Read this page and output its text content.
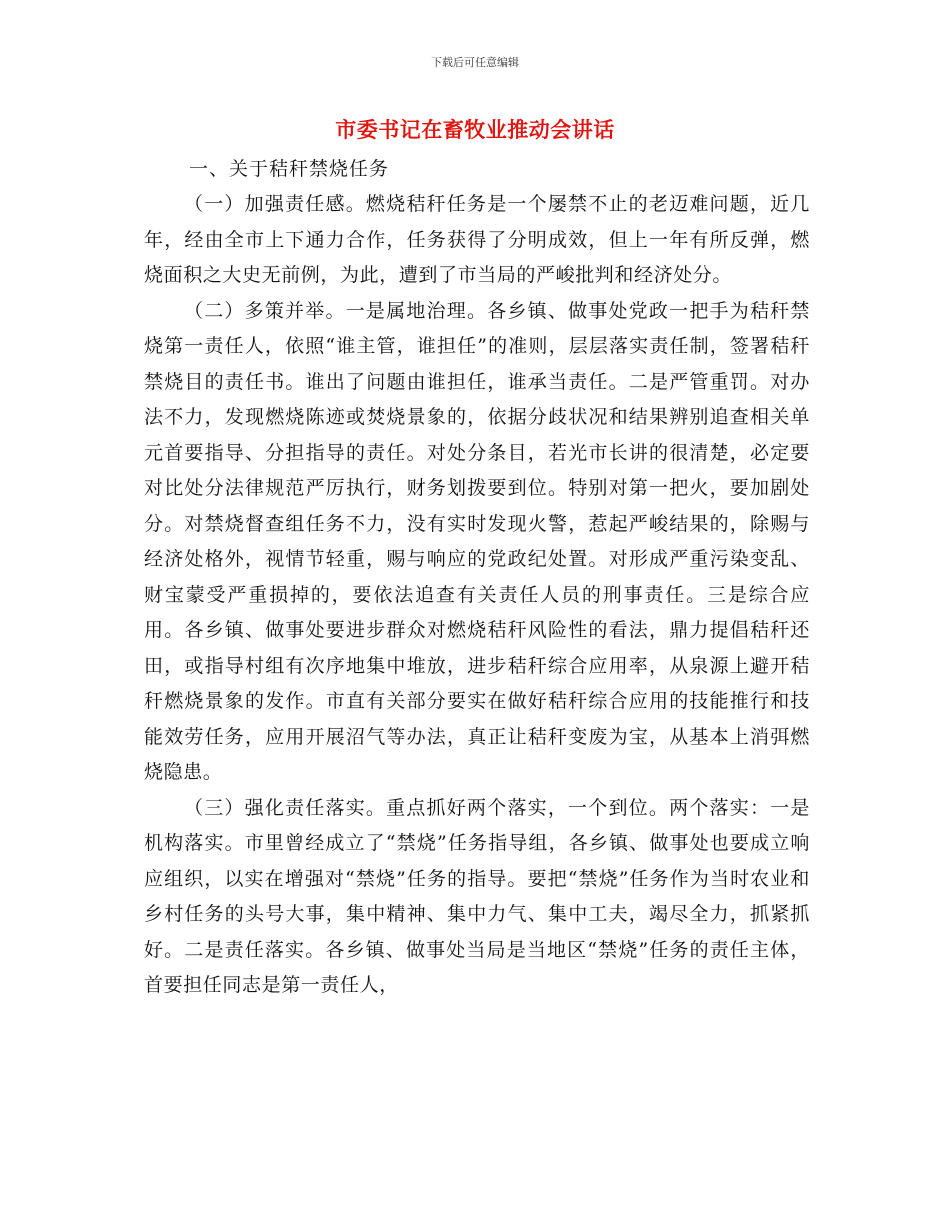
下载后可任意编辑
市委书记在畜牧业推动会讲话

一、关于秸秆禁烧任务

（一）加强责任感。燃烧秸秆任务是一个屡禁不止的老迈难问题，近几年，经由全市上下通力合作，任务获得了分明成效，但上一年有所反弹，燃烧面积之大史无前例，为此，遭到了市当局的严峻批判和经济处分。

（二）多策并举。一是属地治理。各乡镇、做事处党政一把手为秸秆禁烧第一责任人，依照“谁主管，谁担任”的准则，层层落实责任制，签署秸秆禁烧目的责任书。谁出了问题由谁担任，谁承当责任。二是严管重罚。对办法不力，发现燃烧陈迹或焚烧景象的，依据分歧状况和结果辨别追查相关单元首要指导、分担指导的责任。对处分条目，若光市长讲的很清楚，必定要对比处分法律规范严厉执行，财务划拨要到位。特别对第一把火，要加剧处分。对禁烧督查组任务不力，没有实时发现火警，惹起严峻结果的，除赐与经济处格外，视情节轻重，赐与响应的党政纪处置。对形成严重污染变乱、财宝蒙受严重损掉的，要依法追查有关责任人员的刑事责任。三是综合应用。各乡镇、做事处要进步群众对燃烧秸秆风险性的看法，鼎力提倡秸秆还田，或指导村组有次序地集中堆放，进步秸秆综合应用率，从泉源上避开秸秆燃烧景象的发作。市直有关部分要实在做好秸秆综合应用的技能推行和技能效劳任务，应用开展沼气等办法，真正让秸秆变废为宝，从基本上消弭燃烧隐患。

（三）强化责任落实。重点抓好两个落实，一个到位。两个落实：一是机构落实。市里曾经成立了“禁烧”任务指导组，各乡镇、做事处也要成立响应组织，以实在增强对“禁烧”任务的指导。要把“禁烧”任务作为当时农业和乡村任务的头号大事，集中精神、集中力气、集中工夫，竭尽全力，抓紧抓好。二是责任落实。各乡镇、做事处当局是当地区“禁烧”任务的责任主体，首要担任同志是第一责任人，
